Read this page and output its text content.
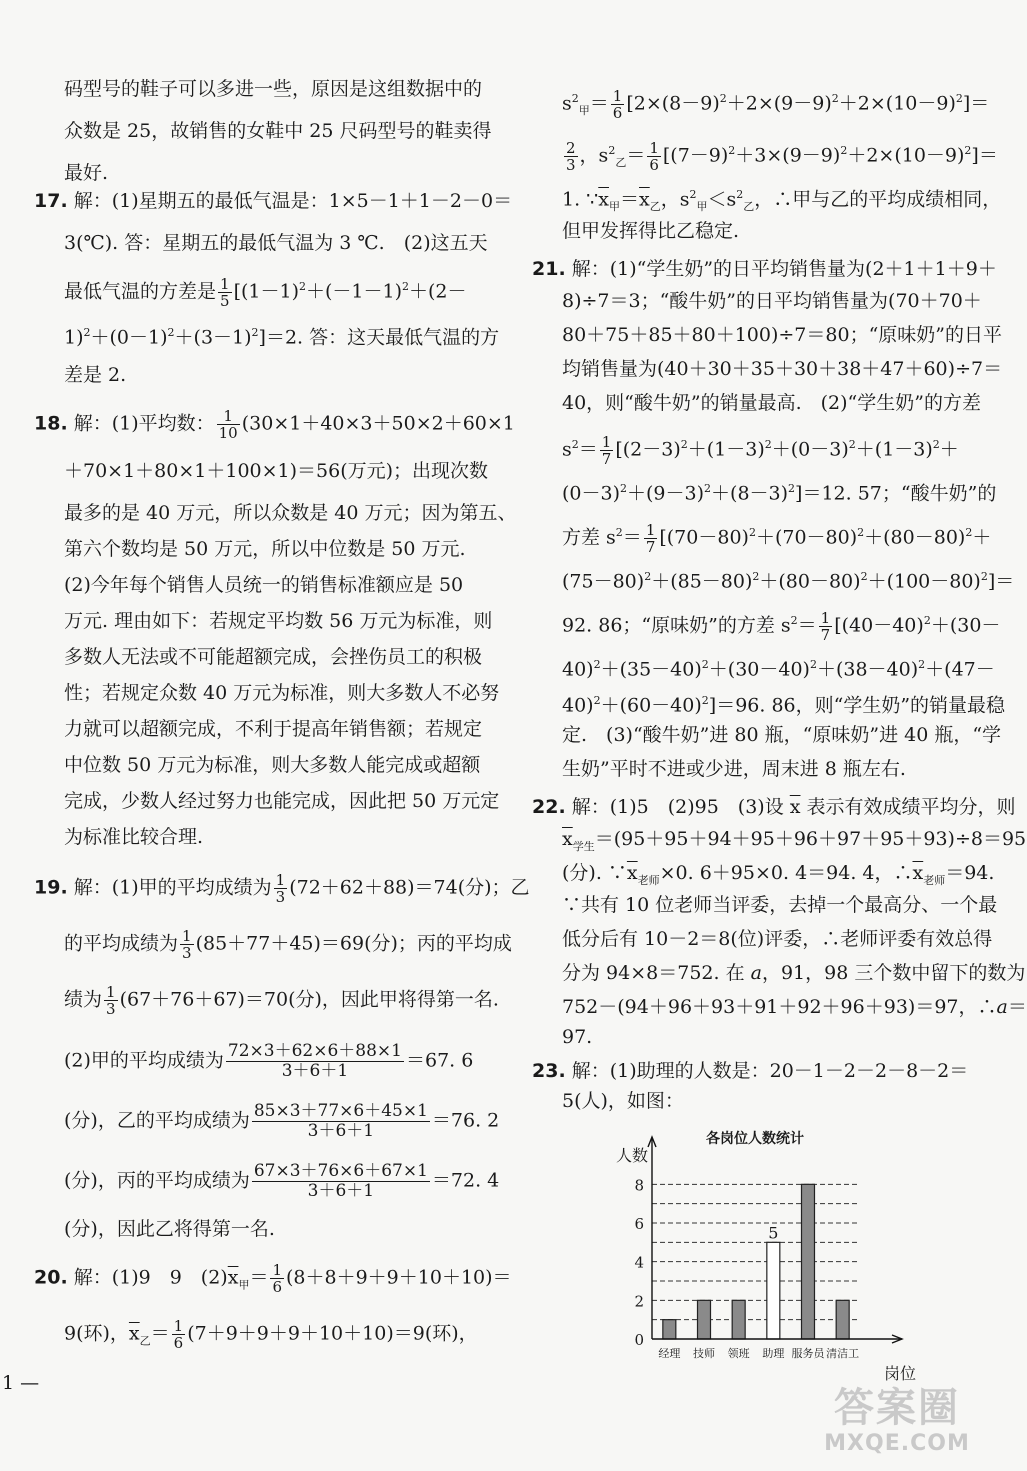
码型号的鞋子可以多进一些，原因是这组数据中的
众数是 25，故销售的女鞋中 25 尺码型号的鞋卖得
最好.
17. 解：(1)星期五的最低气温是：1×5－1＋1－2－0＝
3(℃). 答：星期五的最低气温为 3 ℃.　(2)这五天
最低气温的方差是 $\frac{1}{5} [(1-1)^2+(-1-1)^2+(2-$
$1)^2+(0-1)^2+(3-1)^2]=2$. 答：这天最低气温的方
差是 2.
18. 解：(1)平均数： $\frac{1}{10} (30\times 1+40\times 3+50\times 2+60\times 1$
＋70×1＋80×1＋100×1)＝56(万元)；出现次数
最多的是 40 万元，所以众数是 40 万元；因为第五、
第六个数均是 50 万元，所以中位数是 50 万元.
(2)今年每个销售人员统一的销售标准额应是 50
万元. 理由如下：若规定平均数 56 万元为标准，则
多数人无法或不可能超额完成，会挫伤员工的积极
性；若规定众数 40 万元为标准，则大多数人不必努
力就可以超额完成，不利于提高年销售额；若规定
中位数 50 万元为标准，则大多数人能完成或超额
完成，少数人经过努力也能完成，因此把 50 万元定
为标准比较合理.
19. 解：(1)甲的平均成绩为 $\frac{1}{3} (72+62+88)=74$(分)；乙
的平均成绩为 $\frac{1}{3} (85+77+45)=69$(分)；丙的平均成
绩为 $\frac{1}{3} (67+76+67)=70$(分)，因此甲将得第一名.
(2)甲的平均成绩为 $\frac{72\times 3+62\times 6+88\times 1}{3+6+1} =67$. 6
(分)，乙的平均成绩为 $\frac{85\times 3+77\times 6+45\times 1}{3+6+1} =76$. 2
(分)，丙的平均成绩为 $\frac{67\times 3+76\times 6+67\times 1}{3+6+1} =72$. 4
(分)，因此乙将得第一名.
20. 解：(1)9　9　$(2)\overline{x}_甲= \frac{1}{6} (8+8+9+9+10+10)=$
9(环)，$\overline{x}_乙= \frac{1}{6} (7+9+9+9+10+10)=9$(环)，
$s^2_甲= \frac{1}{6} [2\times(8-9)^2+2\times(9-9)^2+2\times(10-9)^2]=$
$\frac{2}{3}$ ，$s^2_乙= \frac{1}{6} [(7-9)^2+3\times(9-9)^2+2\times(10-9)^2]=$
1. $\because\overline{x}_甲=\overline{x}_乙$，$s^2_甲<s^2_乙$，∴甲与乙的平均成绩相同，
但甲发挥得比乙稳定.
21. 解：(1)“学生奶”的日平均销售量为(2＋1＋1＋9＋
8)÷7＝3；“酸牛奶”的日平均销售量为(70＋70＋
80＋75＋85＋80＋100)÷7＝80；“原味奶”的日平
均销售量为(40＋30＋35＋30＋38＋47＋60)÷7＝
40，则“酸牛奶”的销量最高.　(2)“学生奶”的方差
$s^2= \frac{1}{7} [(2-3)^2+(1-3)^2+(0-3)^2+(1-3)^2+$
$(0-3)^2+(9-3)^2+(8-3)^2]=12$. 57；“酸牛奶”的
方差 $s^2= \frac{1}{7} [(70-80)^2+(70-80)^2+(80-80)^2+$
$(75-80)^2+(85-80)^2+(80-80)^2+(100-80)^2]=$
92. 86；“原味奶”的方差 $s^2= \frac{1}{7} [(40-40)^2+(30-$
$40)^2+(35-40)^2+(30-40)^2+(38-40)^2+(47-$
$40)^2+(60-40)^2]=96$. 86，则“学生奶”的销量最稳
定.　(3)“酸牛奶”进 80 瓶，“原味奶”进 40 瓶，“学
生奶”平时不进或少进，周末进 8 瓶左右.
22. 解：(1)5　(2)95　(3)设 $\overline{x}$ 表示有效成绩平均分，则
$\overline{x}_{学生}=(95+95+94+95+96+97+95+93)\div 8=95$
(分). $\because\overline{x}_{老师}\times 0$. 6＋95×0. 4＝94. 4，$\therefore\overline{x}_{老师}=94$.
∵共有 10 位老师当评委，去掉一个最高分、一个最
低分后有 10－2＝8(位)评委，∴老师评委有效总得
分为 94×8＝752. 在 a，91，98 三个数中留下的数为
752－(94＋96＋93＋91＋92＋96＋93)＝97，∴a＝
97.
23. 解：(1)助理的人数是：20－1－2－2－8－2＝
5(人)，如图：
1 —
各岗位人数统计
人数
岗位
0
2
4
6
8
经理 技师 领班 助理 服务员 清洁工
5
答案圈
MXQE.COM
